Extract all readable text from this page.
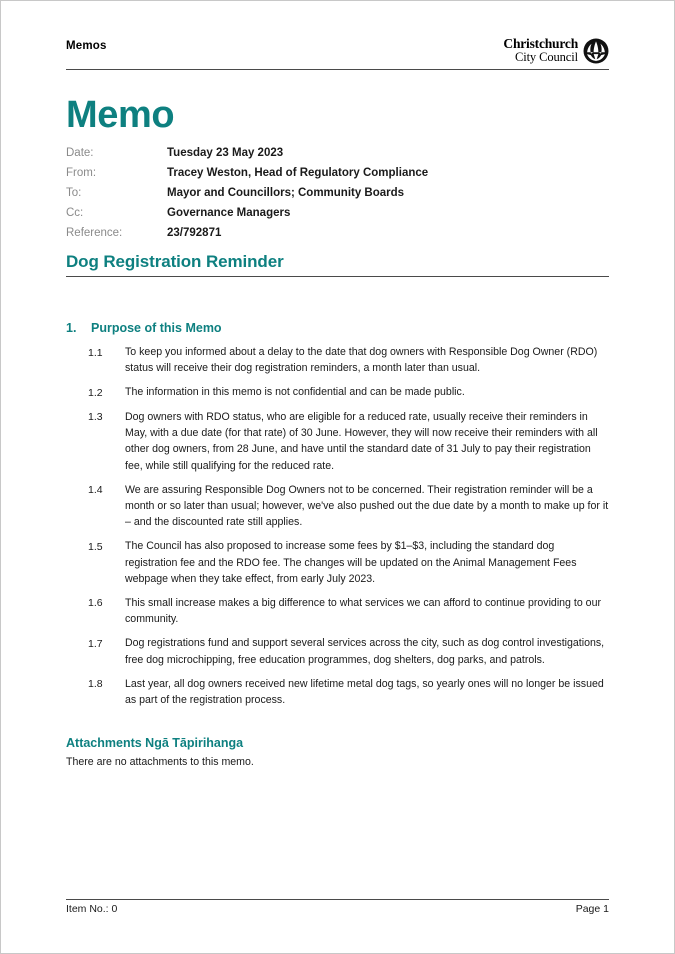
Memos	Christchurch
City Council
Memo
Date:	Tuesday 23 May 2023
From:	Tracey Weston, Head of Regulatory Compliance
To:	Mayor and Councillors; Community Boards
Cc:	Governance Managers
Reference:	23/792871
Dog Registration Reminder
1.	Purpose of this Memo
1.1	To keep you informed about a delay to the date that dog owners with Responsible Dog Owner (RDO) status will receive their dog registration reminders, a month later than usual.
1.2	The information in this memo is not confidential and can be made public.
1.3	Dog owners with RDO status, who are eligible for a reduced rate, usually receive their reminders in May, with a due date (for that rate) of 30 June. However, they will now receive their reminders with all other dog owners, from 28 June, and have until the standard date of 31 July to pay their registration fee, while still qualifying for the reduced rate.
1.4	We are assuring Responsible Dog Owners not to be concerned. Their registration reminder will be a month or so later than usual; however, we've also pushed out the due date by a month to make up for it – and the discounted rate still applies.
1.5	The Council has also proposed to increase some fees by $1–$3, including the standard dog registration fee and the RDO fee. The changes will be updated on the Animal Management Fees webpage when they take effect, from early July 2023.
1.6	This small increase makes a big difference to what services we can afford to continue providing to our community.
1.7	Dog registrations fund and support several services across the city, such as dog control investigations, free dog microchipping, free education programmes, dog shelters, dog parks, and patrols.
1.8	Last year, all dog owners received new lifetime metal dog tags, so yearly ones will no longer be issued as part of the registration process.
Attachments Ngā Tāpirihanga
There are no attachments to this memo.
Item No.: 0	Page 1
